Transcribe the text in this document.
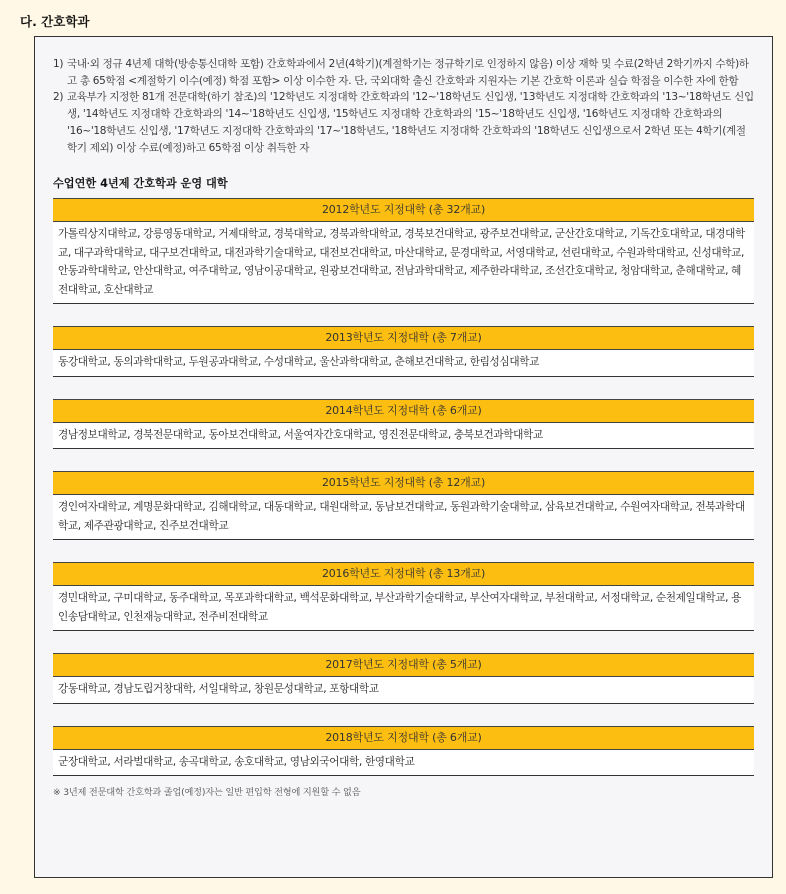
다. 간호학과
1) 국내·외 정규 4년제 대학(방송통신대학 포함) 간호학과에서 2년(4학기)(계절학기는 정규학기로 인정하지 않음) 이상 재학 및 수료(2학년 2학기까지 수학)하고 총 65학점 <계절학기 이수(예정) 학점 포함> 이상 이수한 자. 단, 국외대학 출신 간호학과 지원자는 기본 간호학 이론과 실습 학점을 이수한 자에 한함
2) 교육부가 지정한 81개 전문대학(하기 참조)의 '12학년도 지정대학 간호학과의 '12~'18학년도 신입생, '13학년도 지정대학 간호학과의 '13~'18학년도 신입생, '14학년도 지정대학 간호학과의 '14~'18학년도 신입생, '15학년도 지정대학 간호학과의 '15~'18학년도 신입생, '16학년도 지정대학 간호학과의 '16~'18학년도 신입생, '17학년도 지정대학 간호학과의 '17~'18학년도, '18학년도 지정대학 간호학과의 '18학년도 신입생으로서 2학년 또는 4학기(계절학기 제외) 이상 수료(예정)하고 65학점 이상 취득한 자
수업연한 4년제 간호학과 운영 대학
2012학년도 지정대학 (총 32개교)
가톨릭상지대학교, 강릉영동대학교, 거제대학교, 경북대학교, 경북과학대학교, 경북보건대학교, 광주보건대학교, 군산간호대학교, 기독간호대학교, 대경대학교, 대구과학대학교, 대구보건대학교, 대전과학기술대학교, 대전보건대학교, 마산대학교, 문경대학교, 서영대학교, 선린대학교, 수원과학대학교, 신성대학교, 안동과학대학교, 안산대학교, 여주대학교, 영남이공대학교, 원광보건대학교, 전남과학대학교, 제주한라대학교, 조선간호대학교, 청암대학교, 춘해대학교, 혜전대학교, 호산대학교
2013학년도 지정대학 (총 7개교)
동강대학교, 동의과학대학교, 두원공과대학교, 수성대학교, 울산과학대학교, 춘해보건대학교, 한림성심대학교
2014학년도 지정대학 (총 6개교)
경남정보대학교, 경북전문대학교, 동아보건대학교, 서울여자간호대학교, 영진전문대학교, 충북보건과학대학교
2015학년도 지정대학 (총 12개교)
경인여자대학교, 계명문화대학교, 김해대학교, 대동대학교, 대원대학교, 동남보건대학교, 동원과학기술대학교, 삼육보건대학교, 수원여자대학교, 전북과학대학교, 제주관광대학교, 진주보건대학교
2016학년도 지정대학 (총 13개교)
경민대학교, 구미대학교, 동주대학교, 목포과학대학교, 백석문화대학교, 부산과학기술대학교, 부산여자대학교, 부천대학교, 서정대학교, 순천제일대학교, 용인송담대학교, 인천재능대학교, 전주비전대학교
2017학년도 지정대학 (총 5개교)
강동대학교, 경남도립거창대학, 서일대학교, 창원문성대학교, 포항대학교
2018학년도 지정대학 (총 6개교)
군장대학교, 서라벌대학교, 송곡대학교, 송호대학교, 영남외국어대학, 한영대학교
※ 3년제 전문대학 간호학과 졸업(예정)자는 일반 편입학 전형에 지원할 수 없음
